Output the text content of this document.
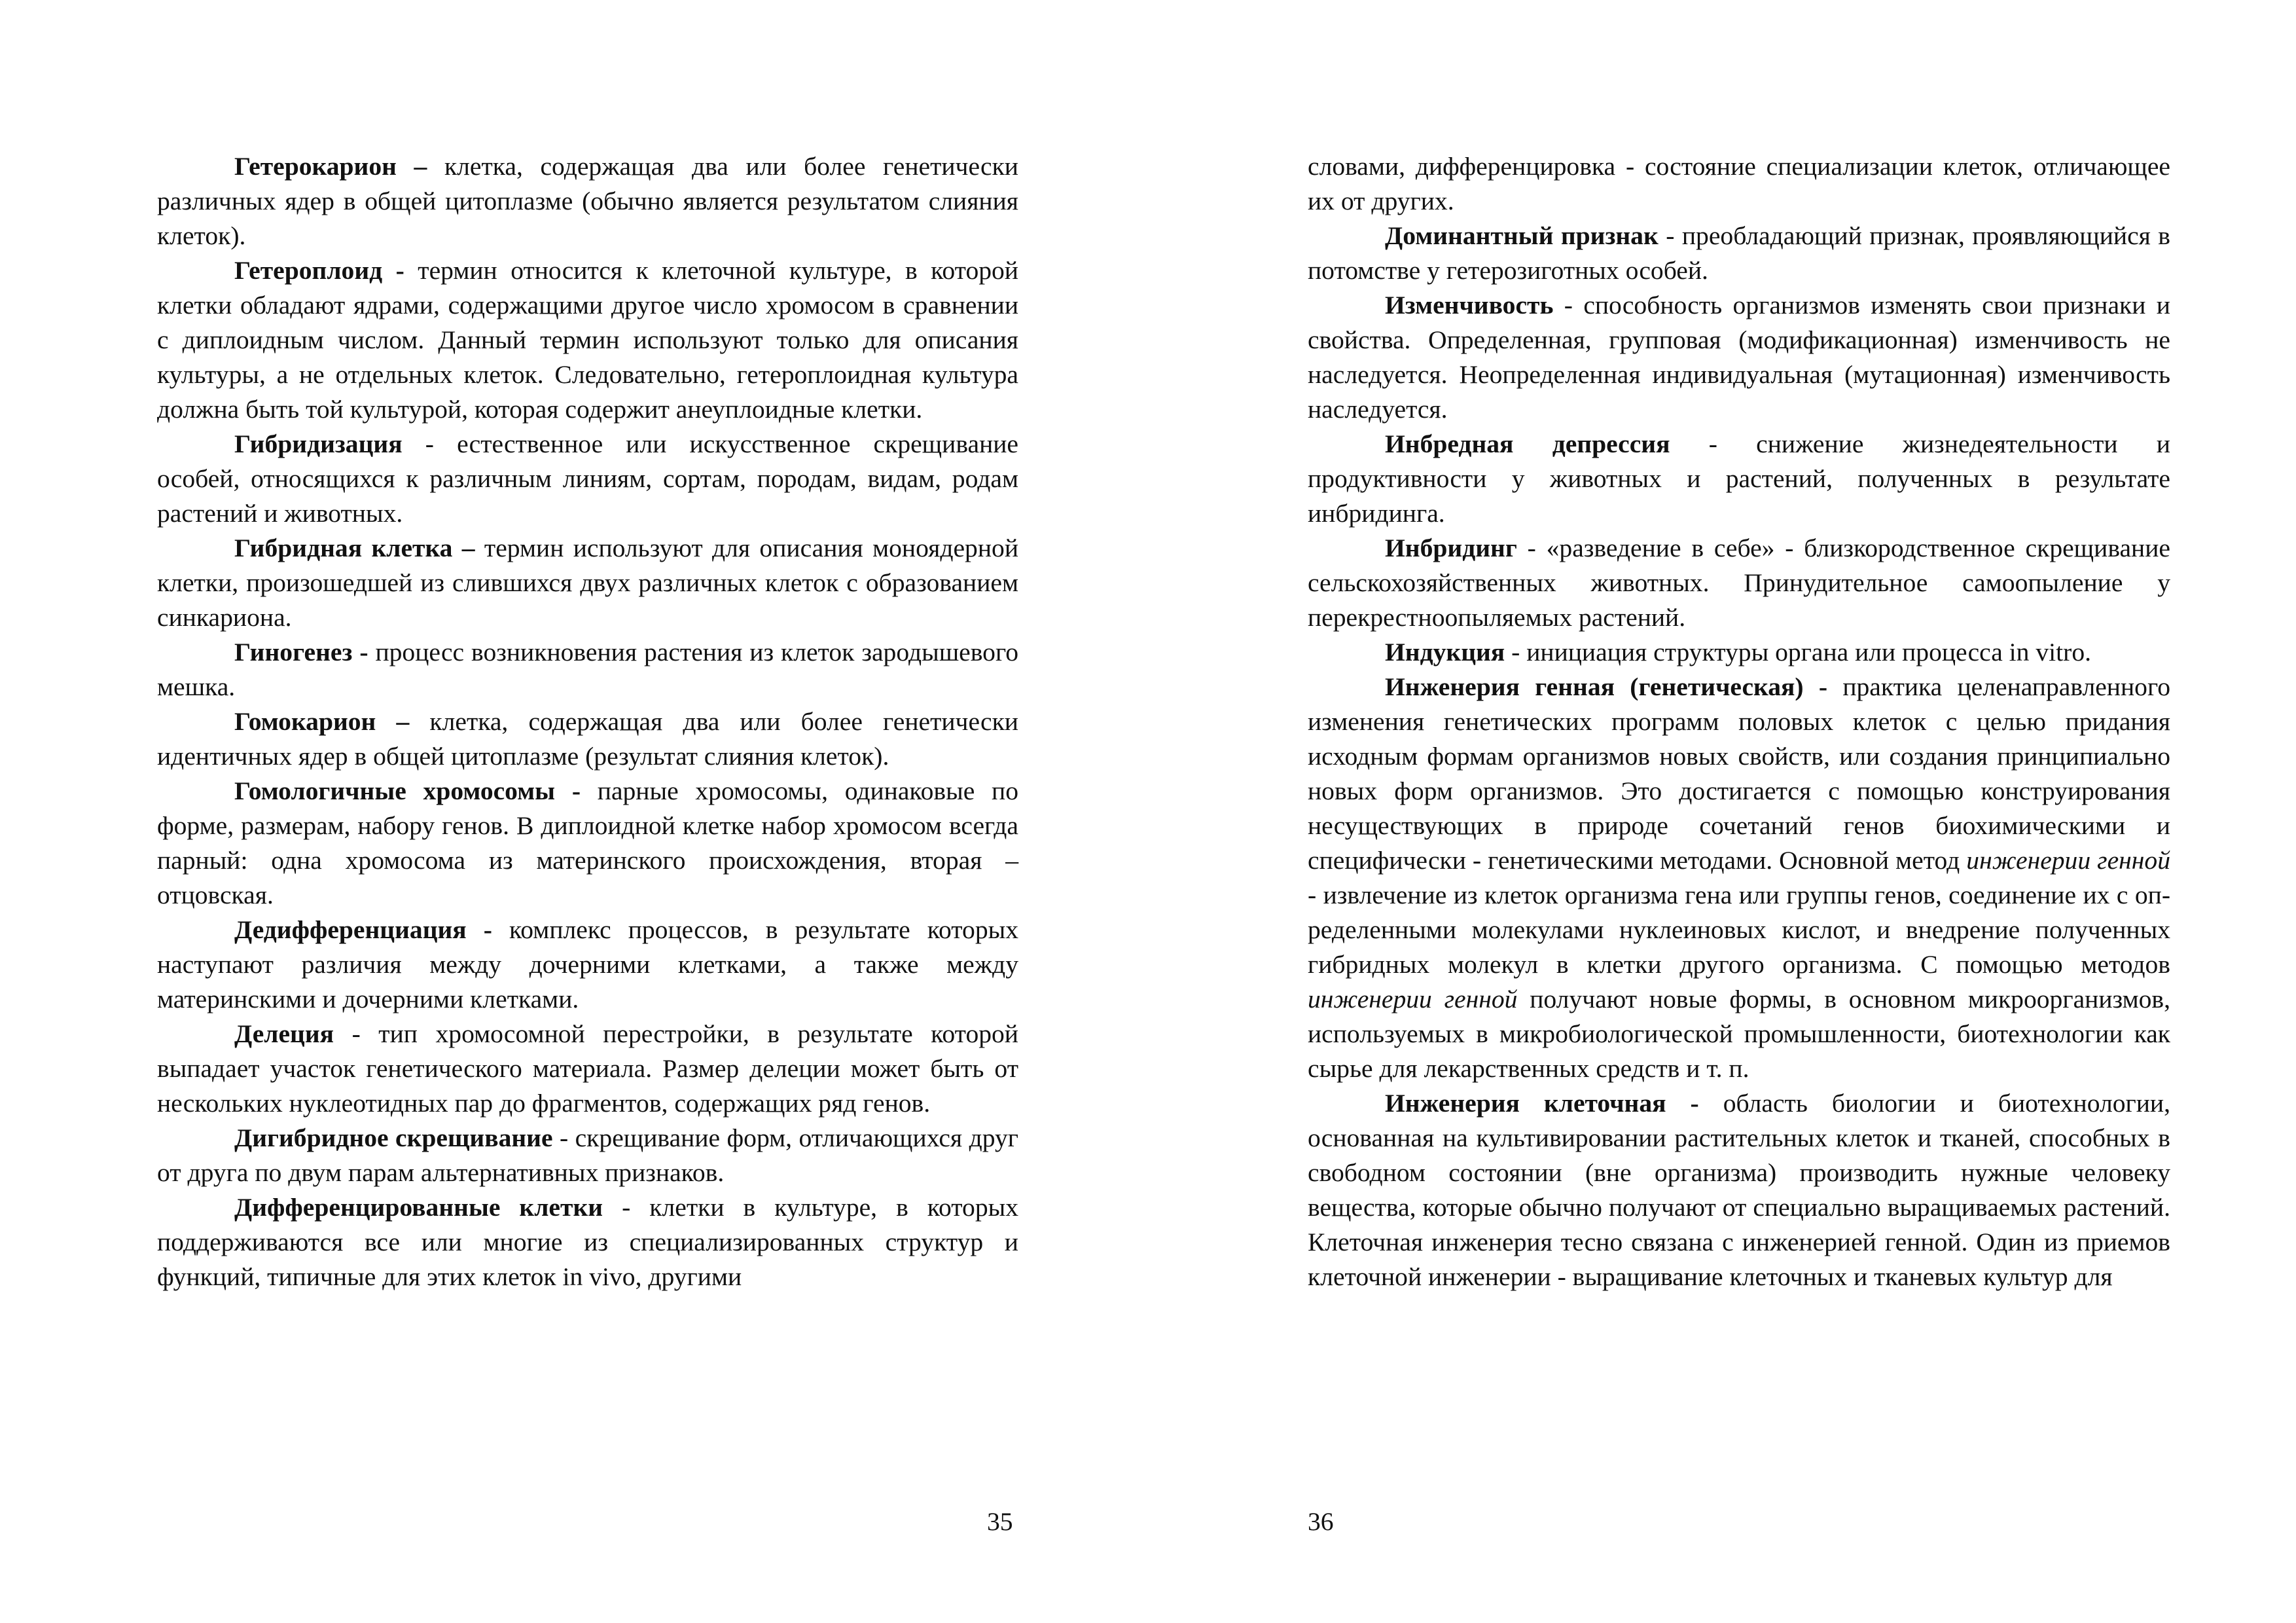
Гетерокарион – клетка, содержащая два или более генетически различных ядер в общей цитоплазме (обычно является результатом слияния клеток).

Гетероплоид - термин относится к клеточной культуре, в которой клетки обладают ядрами, содержащими другое число хромосом в сравнении с диплоидным числом. Данный термин используют только для описания культуры, а не отдельных клеток. Следовательно, гетероплоидная культура должна быть той культурой, которая содержит анеуплоидные клетки.

Гибридизация - естественное или искусственное скрещивание особей, относящихся к различным линиям, сортам, породам, видам, родам растений и животных.

Гибридная клетка – термин используют для описания моноядерной клетки, произошедшей из слившихся двух различных клеток с образованием синкариона.

Гиногенез - процесс возникновения растения из клеток зародышевого мешка.

Гомокарион – клетка, содержащая два или более генетически идентичных ядер в общей цитоплазме (результат слияния клеток).

Гомологичные хромосомы - парные хромосомы, одинаковые по форме, размерам, набору генов. В диплоидной клетке набор хромосом всегда парный: одна хромосома из материнского происхождения, вторая – отцовская.

Дедифференциация - комплекс процессов, в результате которых наступают различия между дочерними клетками, а также между материнскими и дочерними клетками.

Делеция - тип хромосомной перестройки, в результате которой выпадает участок генетического материала. Размер делеции может быть от нескольких нуклеотидных пар до фрагментов, содержащих ряд генов.

Дигибридное скрещивание - скрещивание форм, отличающихся друг от друга по двум парам альтернативных признаков.

Дифференцированные клетки - клетки в культуре, в которых поддерживаются все или многие из специализированных структур и функций, типичные для этих клеток in vivo, другими

35

словами, дифференцировка - состояние специализации клеток, отличающее их от других.

Доминантный признак - преобладающий признак, проявляющийся в потомстве у гетерозиготных особей.

Изменчивость - способность организмов изменять свои признаки и свойства. Определенная, групповая (модификационная) изменчивость не наследуется. Неопределенная индивидуальная (мутационная) изменчивость наследуется.

Инбредная депрессия - снижение жизнедеятельности и продуктивности у животных и растений, полученных в результате инбридинга.

Инбридинг - «разведение в себе» - близкородственное скрещивание сельскохозяйственных животных. Принудительное самоопыление у перекрестноопыляемых растений.

Индукция - инициация структуры органа или процесса in vitro.

Инженерия генная (генетическая) - практика целенаправленного изменения генетических программ половых клеток с целью придания исходным формам организмов новых свойств, или создания принципиально новых форм организмов. Это достигается с помощью конструирования несуществующих в природе сочетаний генов биохимическими и специфически - генетическими методами. Основной метод инженерии генной - извлечение из клеток организма гена или группы генов, соединение их с определенными молекулами нуклеиновых кислот, и внедрение полученных гибридных молекул в клетки другого организма. С помощью методов инженерии генной получают новые формы, в основном микроорганизмов, используемых в микробиологической промышленности, биотехнологии как сырье для лекарственных средств и т. п.

Инженерия клеточная - область биологии и биотехнологии, основанная на культивировании растительных клеток и тканей, способных в свободном состоянии (вне организма) производить нужные человеку вещества, которые обычно получают от специально выращиваемых растений. Клеточная инженерия тесно связана с инженерией генной. Один из приемов клеточной инженерии - выращивание клеточных и тканевых культур для

36
